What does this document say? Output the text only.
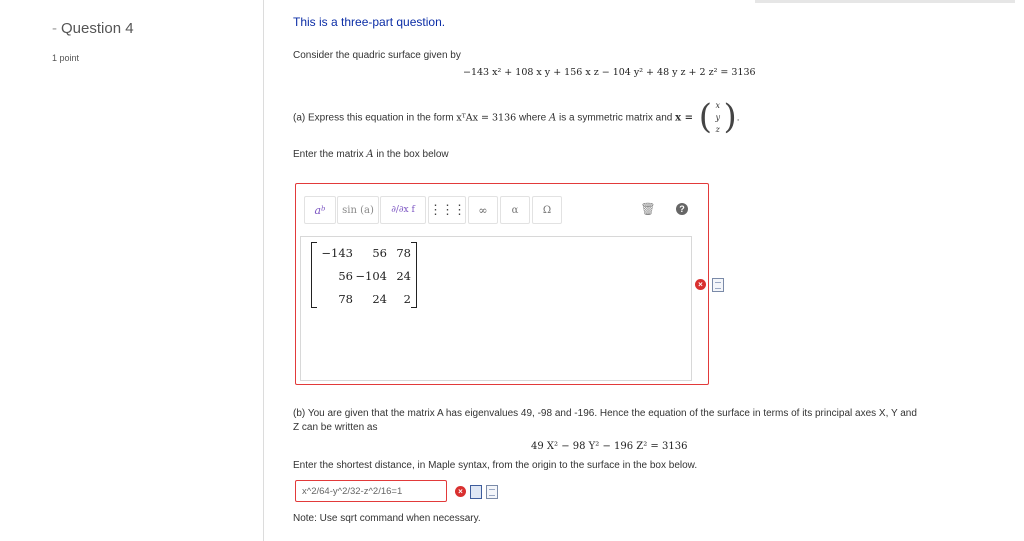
- Question 4
1 point
This is a three-part question.
Consider the quadric surface given by
−143 x² + 108 x y + 156 x z − 104 y² + 48 y z + 2 z² = 3136
(a) Express this equation in the form xᵀAx = 3136 where A is a symmetric matrix and x = ( x
y
z ) .
Enter the matrix A in the box below
aᵇ	sin (a)	∂/∂x f	⋮⋮⋮	∞	α	Ω	🗑	?
−143 56 78
56 −104 24
78 24 2
×
(b) You are given that the matrix A has eigenvalues 49, -98 and -196. Hence the equation of the surface in terms of its principal axes X, Y and Z can be written as
49 X² − 98 Y² − 196 Z² = 3136
Enter the shortest distance, in Maple syntax, from the origin to the surface in the box below.
x^2/64-y^2/32-z^2/16=1
×
Note: Use sqrt command when necessary.
